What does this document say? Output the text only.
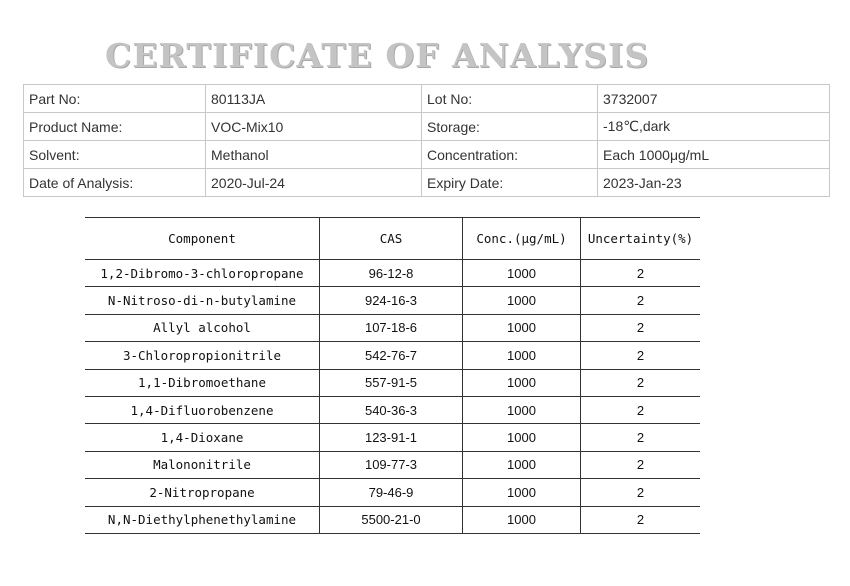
CERTIFICATE OF ANALYSIS
Part No:	80113JA	Lot No:	3732007
Product Name:	VOC-Mix10	Storage:	-18℃,dark
Solvent:	Methanol	Concentration:	Each 1000μg/mL
Date of Analysis:	2020-Jul-24	Expiry Date:	2023-Jan-23
Component	CAS	Conc.(μg/mL)	Uncertainty(%)
1,2-Dibromo-3-chloropropane	96-12-8	1000	2
N-Nitroso-di-n-butylamine	924-16-3	1000	2
Allyl alcohol	107-18-6	1000	2
3-Chloropropionitrile	542-76-7	1000	2
1,1-Dibromoethane	557-91-5	1000	2
1,4-Difluorobenzene	540-36-3	1000	2
1,4-Dioxane	123-91-1	1000	2
Malononitrile	109-77-3	1000	2
2-Nitropropane	79-46-9	1000	2
N,N-Diethylphenethylamine	5500-21-0	1000	2
